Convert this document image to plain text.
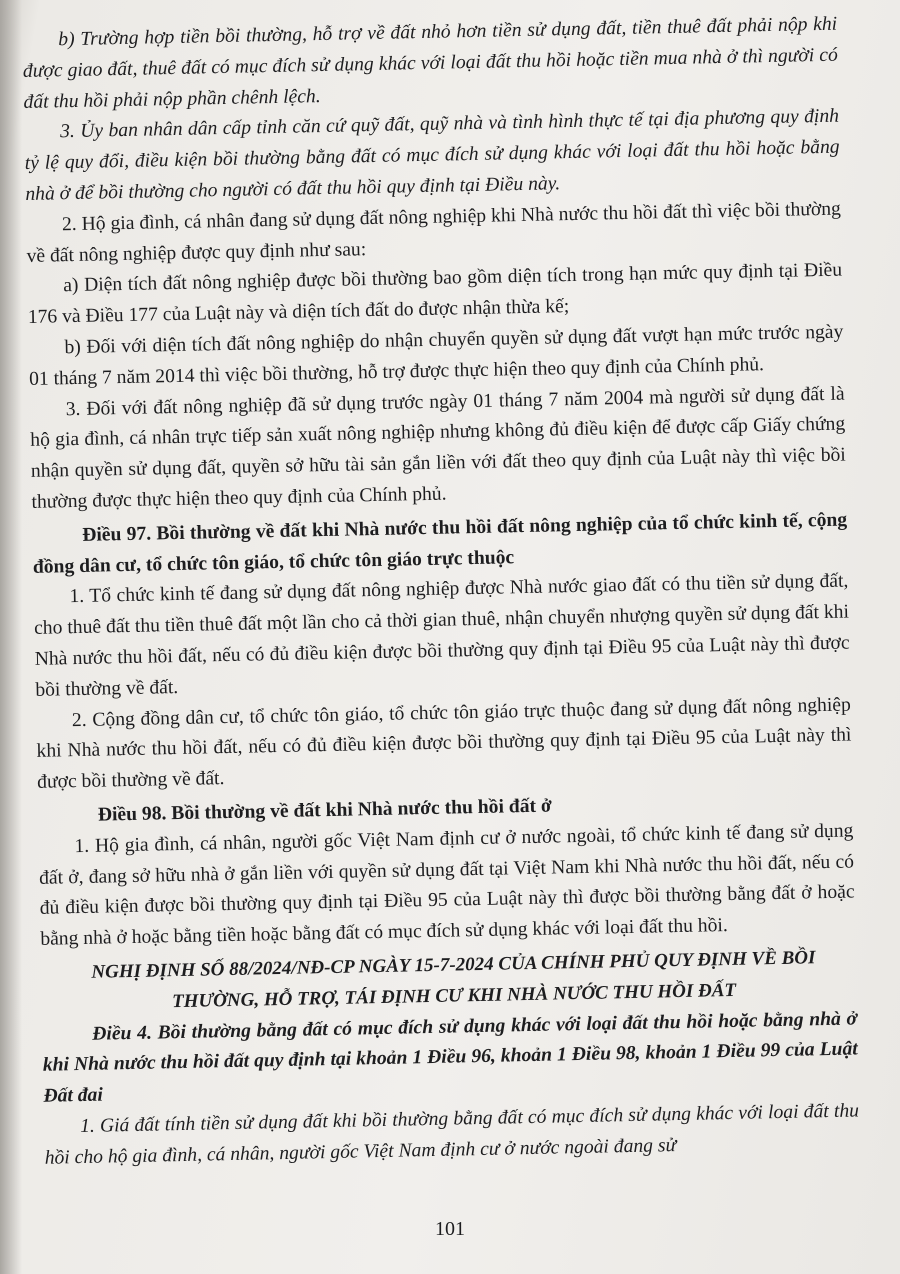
b) Trường hợp tiền bồi thường, hỗ trợ về đất nhỏ hơn tiền sử dụng đất, tiền thuê đất phải nộp khi được giao đất, thuê đất có mục đích sử dụng khác với loại đất thu hồi hoặc tiền mua nhà ở thì người có đất thu hồi phải nộp phần chênh lệch.

3. Ủy ban nhân dân cấp tỉnh căn cứ quỹ đất, quỹ nhà và tình hình thực tế tại địa phương quy định tỷ lệ quy đổi, điều kiện bồi thường bằng đất có mục đích sử dụng khác với loại đất thu hồi hoặc bằng nhà ở để bồi thường cho người có đất thu hồi quy định tại Điều này.

2. Hộ gia đình, cá nhân đang sử dụng đất nông nghiệp khi Nhà nước thu hồi đất thì việc bồi thường về đất nông nghiệp được quy định như sau:

a) Diện tích đất nông nghiệp được bồi thường bao gồm diện tích trong hạn mức quy định tại Điều 176 và Điều 177 của Luật này và diện tích đất do được nhận thừa kế;

b) Đối với diện tích đất nông nghiệp do nhận chuyển quyền sử dụng đất vượt hạn mức trước ngày 01 tháng 7 năm 2014 thì việc bồi thường, hỗ trợ được thực hiện theo quy định của Chính phủ.

3. Đối với đất nông nghiệp đã sử dụng trước ngày 01 tháng 7 năm 2004 mà người sử dụng đất là hộ gia đình, cá nhân trực tiếp sản xuất nông nghiệp nhưng không đủ điều kiện để được cấp Giấy chứng nhận quyền sử dụng đất, quyền sở hữu tài sản gắn liền với đất theo quy định của Luật này thì việc bồi thường được thực hiện theo quy định của Chính phủ.

Điều 97. Bồi thường về đất khi Nhà nước thu hồi đất nông nghiệp của tổ chức kinh tế, cộng đồng dân cư, tổ chức tôn giáo, tổ chức tôn giáo trực thuộc

1. Tổ chức kinh tế đang sử dụng đất nông nghiệp được Nhà nước giao đất có thu tiền sử dụng đất, cho thuê đất thu tiền thuê đất một lần cho cả thời gian thuê, nhận chuyển nhượng quyền sử dụng đất khi Nhà nước thu hồi đất, nếu có đủ điều kiện được bồi thường quy định tại Điều 95 của Luật này thì được bồi thường về đất.

2. Cộng đồng dân cư, tổ chức tôn giáo, tổ chức tôn giáo trực thuộc đang sử dụng đất nông nghiệp khi Nhà nước thu hồi đất, nếu có đủ điều kiện được bồi thường quy định tại Điều 95 của Luật này thì được bồi thường về đất.

Điều 98. Bồi thường về đất khi Nhà nước thu hồi đất ở

1. Hộ gia đình, cá nhân, người gốc Việt Nam định cư ở nước ngoài, tổ chức kinh tế đang sử dụng đất ở, đang sở hữu nhà ở gắn liền với quyền sử dụng đất tại Việt Nam khi Nhà nước thu hồi đất, nếu có đủ điều kiện được bồi thường quy định tại Điều 95 của Luật này thì được bồi thường bằng đất ở hoặc bằng nhà ở hoặc bằng tiền hoặc bằng đất có mục đích sử dụng khác với loại đất thu hồi.

NGHỊ ĐỊNH SỐ 88/2024/NĐ-CP NGÀY 15-7-2024 CỦA CHÍNH PHỦ QUY ĐỊNH VỀ BỒI THƯỜNG, HỖ TRỢ, TÁI ĐỊNH CƯ KHI NHÀ NƯỚC THU HỒI ĐẤT

Điều 4. Bồi thường bằng đất có mục đích sử dụng khác với loại đất thu hồi hoặc bằng nhà ở khi Nhà nước thu hồi đất quy định tại khoản 1 Điều 96, khoản 1 Điều 98, khoản 1 Điều 99 của Luật Đất đai

1. Giá đất tính tiền sử dụng đất khi bồi thường bằng đất có mục đích sử dụng khác với loại đất thu hồi cho hộ gia đình, cá nhân, người gốc Việt Nam định cư ở nước ngoài đang sử

101
